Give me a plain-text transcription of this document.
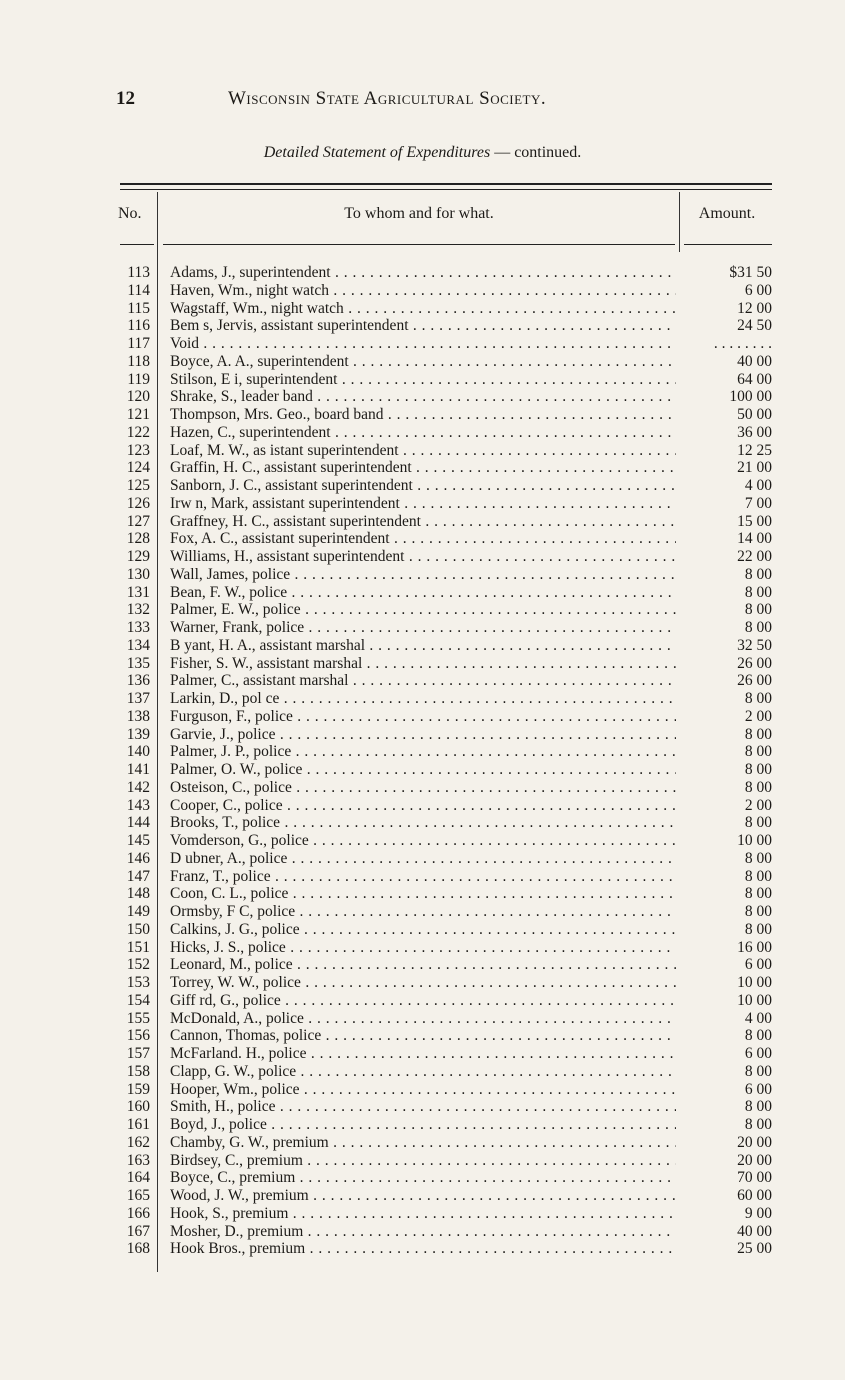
12	Wisconsin State Agricultural Society.
Detailed Statement of Expenditures — continued.
No.	To whom and for what.	Amount.
113 Adams, J., superintendent . . .	$31 50
114 Haven, Wm., night watch . . .	6 00
115 Wagstaff, Wm., night watch . . .	12 00
116 Bem s, Jervis, assistant superintendent . . .	24 50
117 Void . . .	. . . . . . . .
118 Boyce, A. A., superintendent . . .	40 00
119 Stilson, E i, superintendent . . .	64 00
120 Shrake, S., leader band . . .	100 00
121 Thompson, Mrs. Geo., board band . . .	50 00
122 Hazen, C., superintendent . . .	36 00
123 Loaf, M. W., as istant superintendent . . .	12 25
124 Graffin, H. C., assistant superintendent . . .	21 00
125 Sanborn, J. C., assistant superintendent . . .	4 00
126 Irw n, Mark, assistant superintendent . . .	7 00
127 Graffney, H. C., assistant superintendent . . .	15 00
128 Fox, A. C., assistant superintendent . . .	14 00
129 Williams, H., assistant superintendent . . .	22 00
130 Wall, James, police . . .	8 00
131 Bean, F. W., police . . .	8 00
132 Palmer, E. W., police . . .	8 00
133 Warner, Frank, police . . .	8 00
134 B yant, H. A., assistant marshal . . .	32 50
135 Fisher, S. W., assistant marshal . . .	26 00
136 Palmer, C., assistant marshal . . .	26 00
137 Larkin, D., pol ce . . .	8 00
138 Furguson, F., police . . .	2 00
139 Garvie, J., police . . .	8 00
140 Palmer, J. P., police . . .	8 00
141 Palmer, O. W., police . . .	8 00
142 Osteison, C., police . . .	8 00
143 Cooper, C., police . . .	2 00
144 Brooks, T., police . . .	8 00
145 Vomderson, G., police . . .	10 00
146 D ubner, A., police . . .	8 00
147 Franz, T., police . . .	8 00
148 Coon, C. L., police . . .	8 00
149 Ormsby, F C, police . . .	8 00
150 Calkins, J. G., police . . .	8 00
151 Hicks, J. S., police . . .	16 00
152 Leonard, M., police . . .	6 00
153 Torrey, W. W., police . . .	10 00
154 Giff rd, G., police . . .	10 00
155 McDonald, A., police . . .	4 00
156 Cannon, Thomas, police . . .	8 00
157 McFarland. H., police . . .	6 00
158 Clapp, G. W., police . . .	8 00
159 Hooper, Wm., police . . .	6 00
160 Smith, H., police . . .	8 00
161 Boyd, J., police . . .	8 00
162 Chamby, G. W., premium . . .	20 00
163 Birdsey, C., premium . . .	20 00
164 Boyce, C., premium . . .	70 00
165 Wood, J. W., premium . . .	60 00
166 Hook, S., premium . . .	9 00
167 Mosher, D., premium . . .	40 00
168 Hook Bros., premium . . .	25 00
